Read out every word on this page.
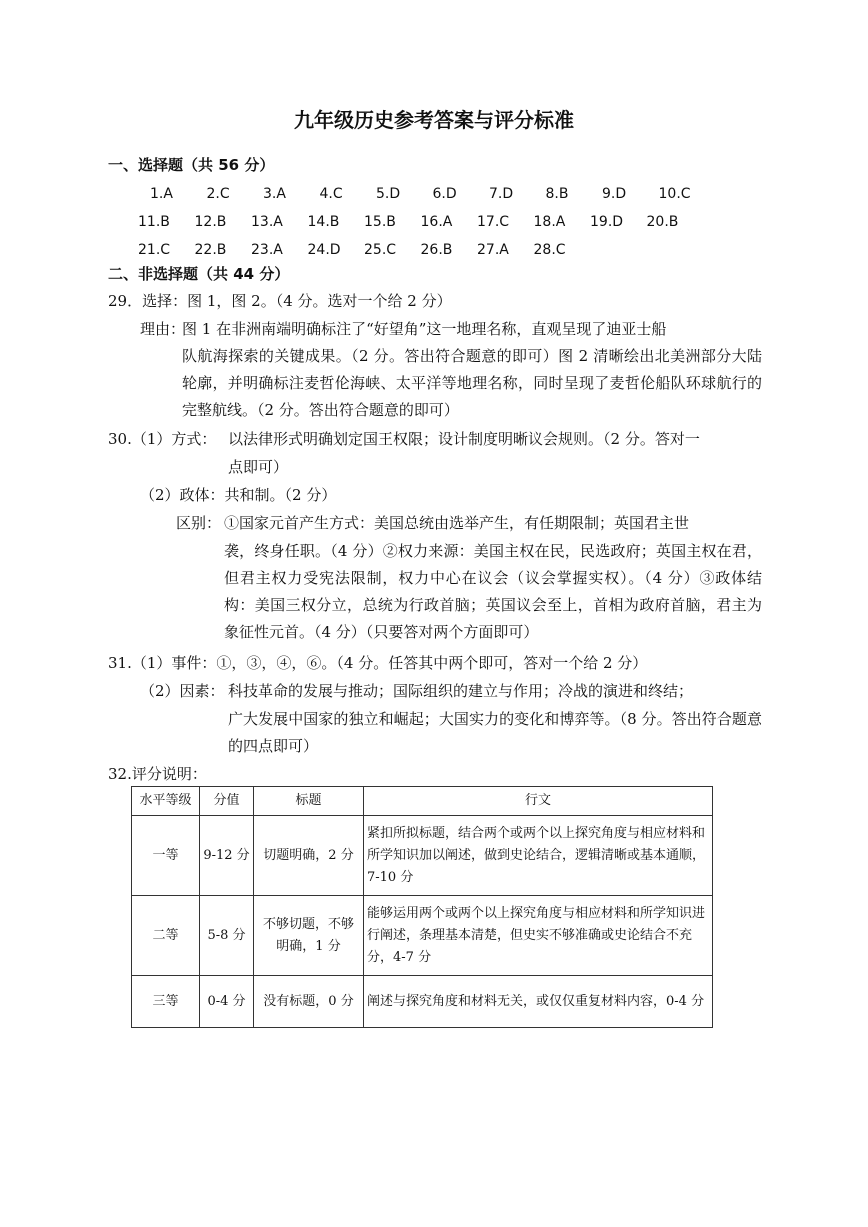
九年级历史参考答案与评分标准
一、选择题（共 56 分）
1.A	2.C	3.A	4.C	5.D	6.D	7.D	8.B	9.D	10.C
11.B	12.B	13.A	14.B	15.B	16.A	17.C	18.A	19.D	20.B
21.C	22.B	23.A	24.D	25.C	26.B	27.A	28.C
二、非选择题（共 44 分）
29．选择：图 1，图 2。（4 分。选对一个给 2 分）
理由：
图 1 在非洲南端明确标注了“好望角”这一地理名称，直观呈现了迪亚士船
队航海探索的关键成果。（2 分。答出符合题意的即可）图 2 清晰绘出北美洲部分大陆轮廓，并明确标注麦哲伦海峡、太平洋等地理名称，同时呈现了麦哲伦船队环球航行的完整航线。（2 分。答出符合题意的即可）
30.（1）方式： 以法律形式明确划定国王权限；设计制度明晰议会规则。（2 分。答对一
点即可）
（2）政体：共和制。（2 分）
区别： ①国家元首产生方式：美国总统由选举产生，有任期限制；英国君主世
袭，终身任职。（4 分）②权力来源：美国主权在民，民选政府；英国主权在君，但君主权力受宪法限制，权力中心在议会（议会掌握实权）。（4 分）③政体结构：美国三权分立，总统为行政首脑；英国议会至上，首相为政府首脑，君主为象征性元首。（4 分）（只要答对两个方面即可）
31.（1）事件：①，③，④，⑥。（4 分。任答其中两个即可，答对一个给 2 分）
（2）因素： 科技革命的发展与推动；国际组织的建立与作用；冷战的演进和终结；
广大发展中国家的独立和崛起；大国实力的变化和博弈等。（8 分。答出符合题意的四点即可）
32.评分说明：
水平等级	分值	标题	行文
一等	9-12 分	切题明确，2 分	紧扣所拟标题，结合两个或两个以上探究角度与相应材料和所学知识加以阐述，做到史论结合，逻辑清晰或基本通顺，7-10 分
二等	5-8 分	不够切题，不够明确，1 分	能够运用两个或两个以上探究角度与相应材料和所学知识进行阐述，条理基本清楚，但史实不够准确或史论结合不充分，4-7 分
三等	0-4 分	没有标题，0 分	阐述与探究角度和材料无关，或仅仅重复材料内容，0-4 分
